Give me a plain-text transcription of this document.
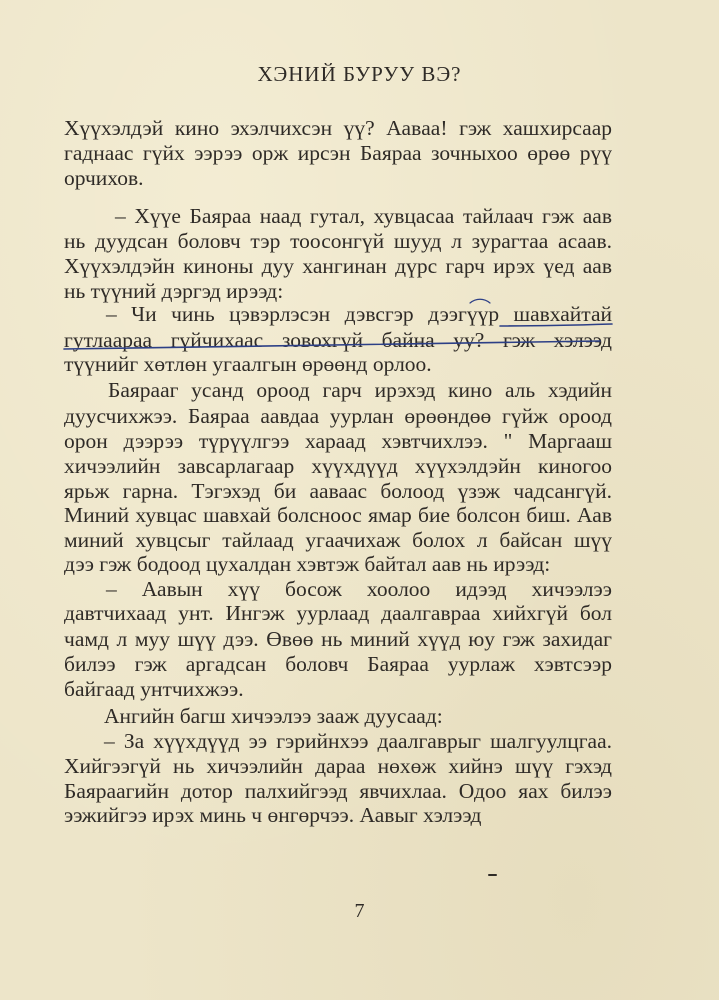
ХЭНИЙ БУРУУ ВЭ?
Хүүхэлдэй кино эхэлчихсэн үү? Аавaa! гэж хашхирсаар
гаднаас гүйх ээрээ орж ирсэн Баяраа зочныхоо өрөө рүү
орчихов.
– Хүүе Баяраа наад гутал, хувцасаа тайлаач гэж аав
нь дуудсан боловч тэр тоосонгүй шууд л зурагтаа асаав.
Хүүхэлдэйн киноны дуу хангинан дүрс гарч ирэх үед аав
нь түүний дэргэд ирээд:
– Чи чинь цэвэрлэсэн дэвсгэр дээгүүр шавхайтай
гутлаараа гүйчихаас зовохгүй байна уу? гэж хэлээд
түүнийг хөтлөн угаалгын өрөөнд орлоо.
Баяраaг усанд ороод гарч ирэхэд кино аль хэдийн
дуусчихжээ. Баяраа аавдаа уурлан өрөөндөө гүйж ороод
орон дээрээ түрүүлгээ хараад хэвтчихлээ. " Маргааш
хичээлийн завсарлагаар хүүхдүүд хүүхэлдэйн киногоо
ярьж гарна. Тэгэхэд би ааваас болоод үзэж чадсангүй.
Миний хувцас шавхай болсноос ямар бие болсон биш. Аав
миний хувцсыг тайлаад угаачихаж болох л байсан шүү
дээ гэж бодоод цухалдан хэвтэж байтал аав нь ирээд:
– Аавын хүү босож хоолоо идээд хичээлээ
давтчихаад унт. Ингэж уурлаад даалгавраа хийхгүй бол
чамд л муу шүү дээ. Өвөө нь миний хүүд юу гэж захидаг
билээ гэж аргадсан боловч Баяраа уурлаж хэвтсээр
байгаад унтчихжээ.
Ангийн багш хичээлээ зааж дуусаад:
– За хүүхдүүд ээ гэрийнхээ даалгаврыг шалгуулцгаа.
Хийгээгүй нь хичээлийн дараа нөхөж хийнэ шүү гэхэд
Баяраагийн дотор палхийгээд явчихлаа. Одоо яах билээ
ээжийгээ ирэх минь ч өнгөрчээ. Аавыг хэлээд
7
